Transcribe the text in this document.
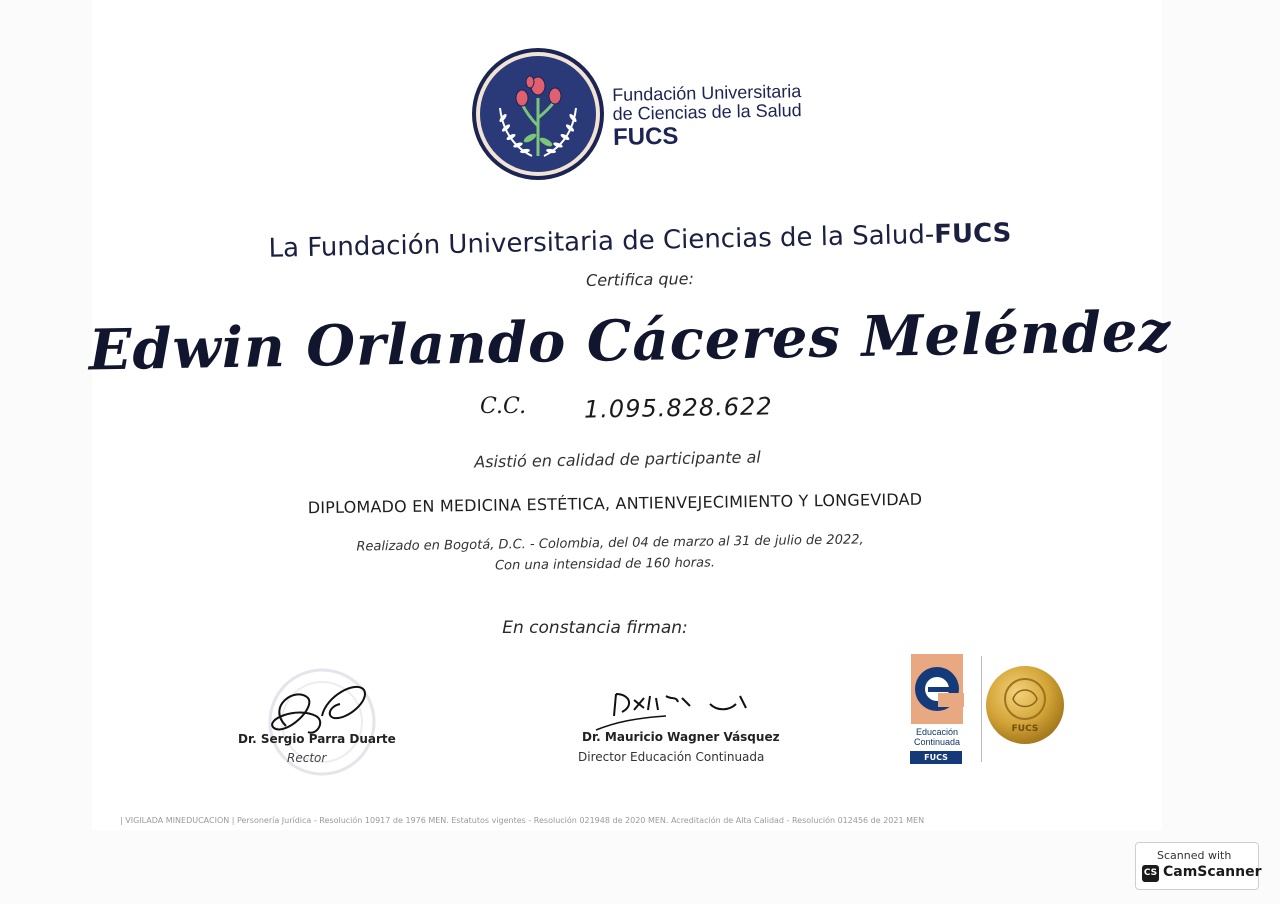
Fundación Universitaria
de Ciencias de la Salud
FUCS
La Fundación Universitaria de Ciencias de la Salud-FUCS
Certifica que:
Edwin Orlando Cáceres Meléndez
C.C. 1.095.828.622
Asistió en calidad de participante al
DIPLOMADO EN MEDICINA ESTÉTICA, ANTIENVEJECIMIENTO Y LONGEVIDAD
Realizado en Bogotá, D.C. - Colombia, del 04 de marzo al 31 de julio de 2022,
Con una intensidad de 160 horas.
En constancia firman:
Dr. Sergio Parra Duarte
Rector
Dr. Mauricio Wagner Vásquez
Director Educación Continuada
Educación
Continuada
FUCS
FUCS
| VIGILADA MINEDUCACIÓN | Personería Jurídica - Resolución 10917 de 1976 MEN. Estatutos vigentes - Resolución 021948 de 2020 MEN. Acreditación de Alta Calidad - Resolución 012456 de 2021 MEN
Scanned with
CS CamScanner
